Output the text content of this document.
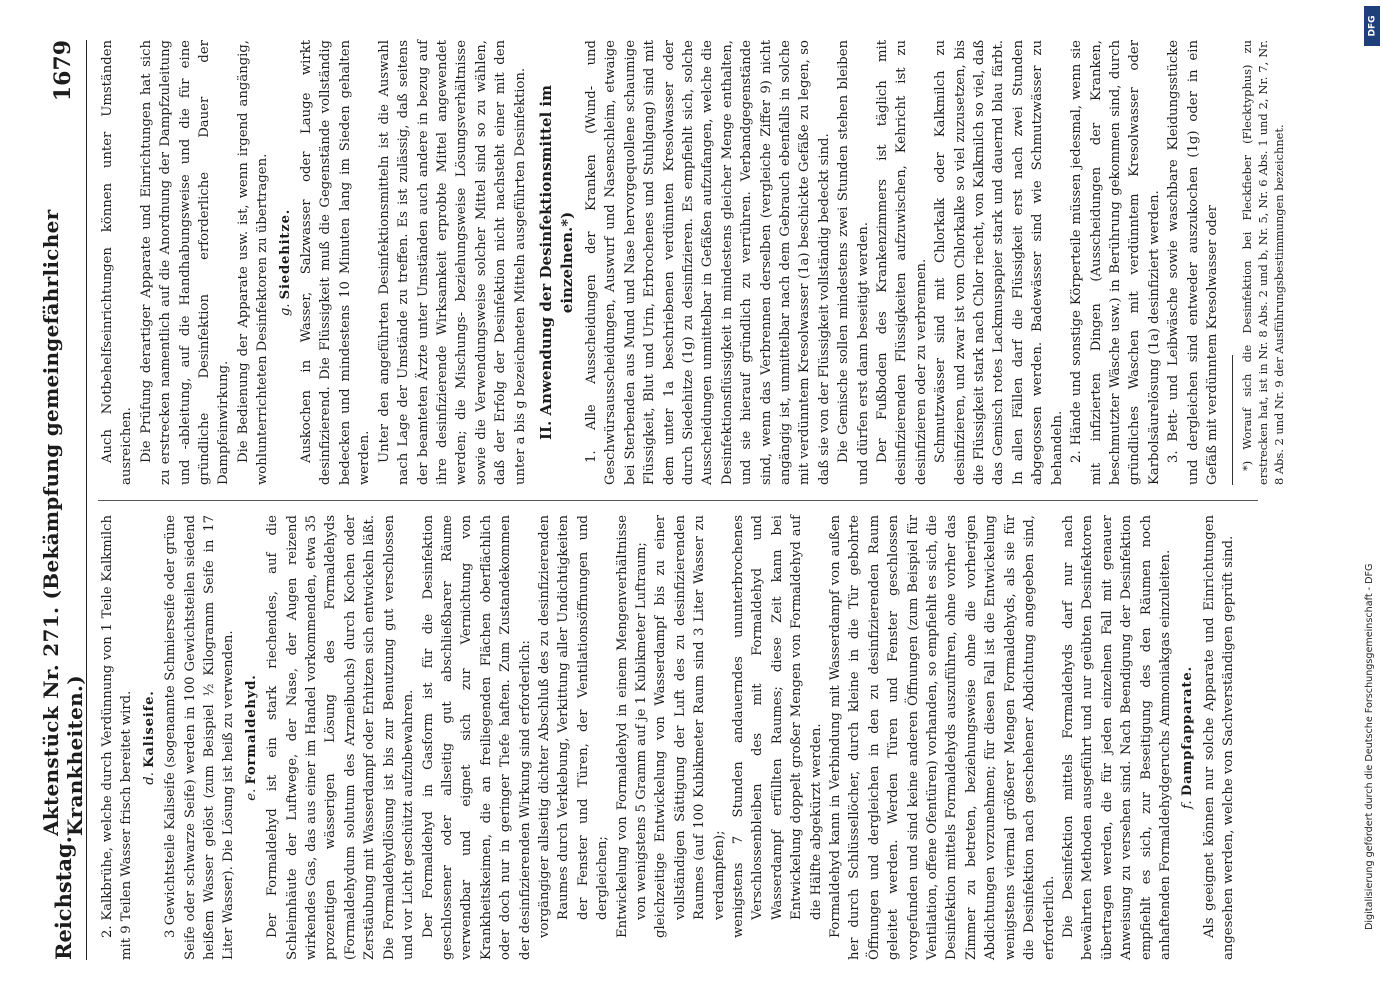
Reichstag.
Aktenstück Nr. 271. (Bekämpfung gemeingefährlicher Krankheiten.)
1679

2. Kalkbrühe, welche durch Verdünnung von 1 Teile Kalkmilch mit 9 Teilen Wasser frisch bereitet wird. d. Kaliseife. 3 Gewichtsteile Kaliseife (sogenannte Schmierseife oder grüne Seife oder schwarze Seife) werden in 100 Gewichtsteilen siedend heißem Wasser gelöst (zum Beispiel ½ Kilogramm Seife in 17 Liter Wasser). Die Lösung ist heiß zu verwenden. e. Formaldehyd. Der Formaldehyd ist ein stark riechendes, auf die Schleimhäute der Luftwege, der Nase, der Augen reizend wirkendes Gas, das aus einer im Handel vorkommenden, etwa 35 prozentigen wässerigen Lösung des Formaldehyds (Formaldehydum solutum des Arzneibuchs) durch Kochen oder Zerstäubung mit Wasserdampf oder Erhitzen sich entwickeln läßt. Die Formaldehydlösung ist bis zur Benutzung gut verschlossen und vor Licht geschützt aufzubewahren. Der Formaldehyd in Gasform ist für die Desinfektion geschlossener oder allseitig gut abschließbarer Räume verwendbar und eignet sich zur Vernichtung von Krankheitskeimen, die an freiliegenden Flächen oberflächlich oder doch nur in geringer Tiefe haften. Zum Zustandekommen der desinfizierenden Wirkung sind erforderlich: vorgängiger allseitig dichter Abschluß des zu desinfizierenden Raumes durch Verklebung, Verkittung aller Undichtigkeiten der Fenster und Türen, der Ventilationsöffnungen und dergleichen; Entwickelung von Formaldehyd in einem Mengenverhältnisse von wenigstens 5 Gramm auf je 1 Kubikmeter Luftraum; gleichzeitige Entwickelung von Wasserdampf bis zu einer vollständigen Sättigung der Luft des zu desinfizierenden Raumes (auf 100 Kubikmeter Raum sind 3 Liter Wasser zu verdampfen); wenigstens 7 Stunden andauerndes ununterbrochenes Verschlossenbleiben des mit Formaldehyd und Wasserdampf erfüllten Raumes; diese Zeit kann bei Entwickelung doppelt großer Mengen von Formaldehyd auf die Hälfte abgekürzt werden. Formaldehyd kann in Verbindung mit Wasserdampf von außen her durch Schlüssellöcher, durch kleine in die Tür gebohrte Öffnungen und dergleichen in den zu desinfizierenden Raum geleitet werden. Werden Türen und Fenster geschlossen vorgefunden und sind keine anderen Öffnungen (zum Beispiel für Ventilation, offene Ofentüren) vorhanden, so empfiehlt es sich, die Desinfektion mittels Formaldehyds auszuführen, ohne vorher das Zimmer zu betreten, beziehungsweise ohne die vorherigen Abdichtungen vorzunehmen; für diesen Fall ist die Entwickelung wenigstens viermal größerer Mengen Formaldehyds, als sie für die Desinfektion nach geschehener Abdichtung angegeben sind, erforderlich. Die Desinfektion mittels Formaldehyds darf nur nach bewährten Methoden ausgeführt und nur geübten Desinfektoren übertragen werden, die für jeden einzelnen Fall mit genauer Anweisung zu versehen sind. Nach Beendigung der Desinfektion empfiehlt es sich, zur Beseitigung des den Räumen noch anhaftenden Formaldehydgeruchs Ammoniakgas einzuleiten. f. Dampfapparate. Als geeignet können nur solche Apparate und Einrichtungen angesehen werden, welche von Sachverständigen geprüft sind.

Auch Notbehelfseinrichtungen können unter Umständen ausreichen. Die Prüfung derartiger Apparate und Einrichtungen hat sich zu erstrecken namentlich auf die Anordnung der Dampfzuleitung und -ableitung, auf die Handhabungsweise und die für eine gründliche Desinfektion erforderliche Dauer der Dampfeinwirkung. Die Bedienung der Apparate usw. ist, wenn irgend angängig, wohlunterrichteten Desinfektoren zu übertragen. g. Siedehitze. Auskochen in Wasser, Salzwasser oder Lauge wirkt desinfizierend. Die Flüssigkeit muß die Gegenstände vollständig bedecken und mindestens 10 Minuten lang im Sieden gehalten werden. Unter den angeführten Desinfektionsmitteln ist die Auswahl nach Lage der Umstände zu treffen. Es ist zulässig, daß seitens der beamteten Ärzte unter Umständen auch andere in bezug auf ihre desinfizierende Wirksamkeit erprobte Mittel angewendet werden; die Mischungs- beziehungsweise Lösungsverhältnisse sowie die Verwendungsweise solcher Mittel sind so zu wählen, daß der Erfolg der Desinfektion nicht nachsteht einer mit den unter a bis g bezeichneten Mitteln ausgeführten Desinfektion. II. Anwendung der Desinfektionsmittel im einzelnen.*) 1. Alle Ausscheidungen der Kranken (Wund- und Geschwürsausscheidungen, Auswurf und Nasenschleim, etwaige bei Sterbenden aus Mund und Nase hervorgequollene schaumige Flüssigkeit, Blut und Urin, Erbrochenes und Stuhlgang) sind mit dem unter 1a beschriebenen verdünnten Kresolwasser oder durch Siedehitze (1g) zu desinfizieren. Es empfiehlt sich, solche Ausscheidungen unmittelbar in Gefäßen aufzufangen, welche die Desinfektionsflüssigkeit in mindestens gleicher Menge enthalten, und sie hierauf gründlich zu verrühren. Verbandgegenstände sind, wenn das Verbrennen derselben (vergleiche Ziffer 9) nicht angängig ist, unmittelbar nach dem Gebrauch ebenfalls in solche mit verdünntem Kresolwasser (1a) beschickte Gefäße zu legen, so daß sie von der Flüssigkeit vollständig bedeckt sind. Die Gemische sollen mindestens zwei Stunden stehen bleiben und dürfen erst dann beseitigt werden. Der Fußboden des Krankenzimmers ist täglich mit desinfizierenden Flüssigkeiten aufzuwischen, Kehricht ist zu desinfizieren oder zu verbrennen. Schmutzwässer sind mit Chlorkalk oder Kalkmilch zu desinfizieren, und zwar ist vom Chlorkalke so viel zuzusetzen, bis die Flüssigkeit stark nach Chlor riecht, von Kalkmilch so viel, daß das Gemisch rotes Lackmuspapier stark und dauernd blau färbt. In allen Fällen darf die Flüssigkeit erst nach zwei Stunden abgegossen werden. Badewässer sind wie Schmutzwässer zu behandeln. 2. Hände und sonstige Körperteile müssen jedesmal, wenn sie mit infizierten Dingen (Ausscheidungen der Kranken, beschmutzter Wäsche usw.) in Berührung gekommen sind, durch gründliches Waschen mit verdünntem Kresolwasser oder Karbolsäurelösung (1a) desinfiziert werden. 3. Bett- und Leibwäsche sowie waschbare Kleidungsstücke und dergleichen sind entweder auszukochen (1g) oder in ein Gefäß mit verdünntem Kresolwasser oder *) Worauf sich die Desinfektion bei Fleckfieber (Flecktyphus) zu erstrecken hat, ist in Nr. 8 Abs. 2 und b, Nr. 5, Nr. 6 Abs. 1 und 2, Nr. 7, Nr. 8 Abs. 2 und Nr. 9 der Ausführungsbestimmungen bezeichnet.

DFG
Digitalisierung gefördert durch die Deutsche Forschungsgemeinschaft - DFG
